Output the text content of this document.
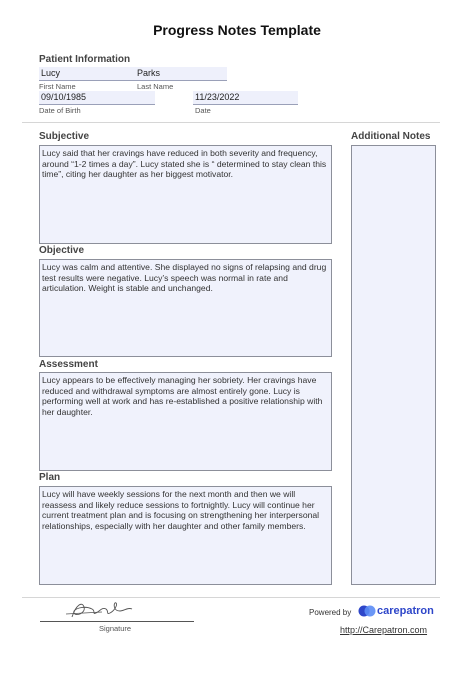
Progress Notes Template
Patient Information
Lucy	Parks
First Name	Last Name
09/10/1985	11/23/2022
Date of Birth	Date
Subjective
Lucy said that her cravings have reduced in both severity and frequency, around “1-2 times a day”. Lucy stated she is “ determined to stay clean this time”, citing her daughter as her biggest motivator.
Objective
Lucy was calm and attentive. She displayed no signs of relapsing and drug test results were negative. Lucy’s speech was normal in rate and articulation. Weight is stable and unchanged.
Assessment
Lucy appears to be effectively managing her sobriety. Her cravings have reduced and withdrawal symptoms are almost entirely gone. Lucy is performing well at work and has re-established a positive relationship with her daughter.
Plan
Lucy will have weekly sessions for the next month and then we will reassess and likely reduce sessions to fortnightly. Lucy will continue her current treatment plan and is focusing on strengthening her interpersonal relationships, especially with her daughter and other family members.
Additional Notes
Signature
Powered by carepatron
http://Carepatron.com
